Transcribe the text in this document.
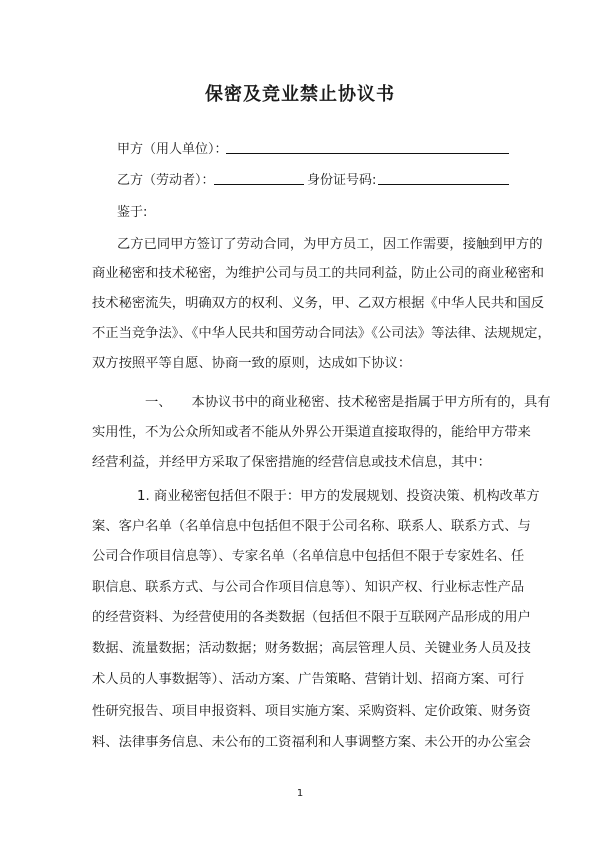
保密及竞业禁止协议书
甲方（用人单位）：
乙方（劳动者）：	身份证号码:
鉴于:
乙方已同甲方签订了劳动合同，为甲方员工，因工作需要，接触到甲方的
商业秘密和技术秘密，为维护公司与员工的共同利益，防止公司的商业秘密和
技术秘密流失，明确双方的权利、义务，甲、乙双方根据《中华人民共和国反
不正当竞争法》、《中华人民共和国劳动合同法》《公司法》等法律、法规规定，
双方按照平等自愿、协商一致的原则，达成如下协议：
一、　　本协议书中的商业秘密、技术秘密是指属于甲方所有的，具有
实用性，不为公众所知或者不能从外界公开渠道直接取得的，能给甲方带来
经营利益，并经甲方采取了保密措施的经营信息或技术信息，其中：
1. 商业秘密包括但不限于：甲方的发展规划、投资决策、机构改革方
案、客户名单（名单信息中包括但不限于公司名称、联系人、联系方式、与
公司合作项目信息等）、专家名单（名单信息中包括但不限于专家姓名、任
职信息、联系方式、与公司合作项目信息等）、知识产权、行业标志性产品
的经营资料、为经营使用的各类数据（包括但不限于互联网产品形成的用户
数据、流量数据；活动数据；财务数据；高层管理人员、关键业务人员及技
术人员的人事数据等）、活动方案、广告策略、营销计划、招商方案、可行
性研究报告、项目申报资料、项目实施方案、采购资料、定价政策、财务资
料、法律事务信息、未公布的工资福利和人事调整方案、未公开的办公室会
1
